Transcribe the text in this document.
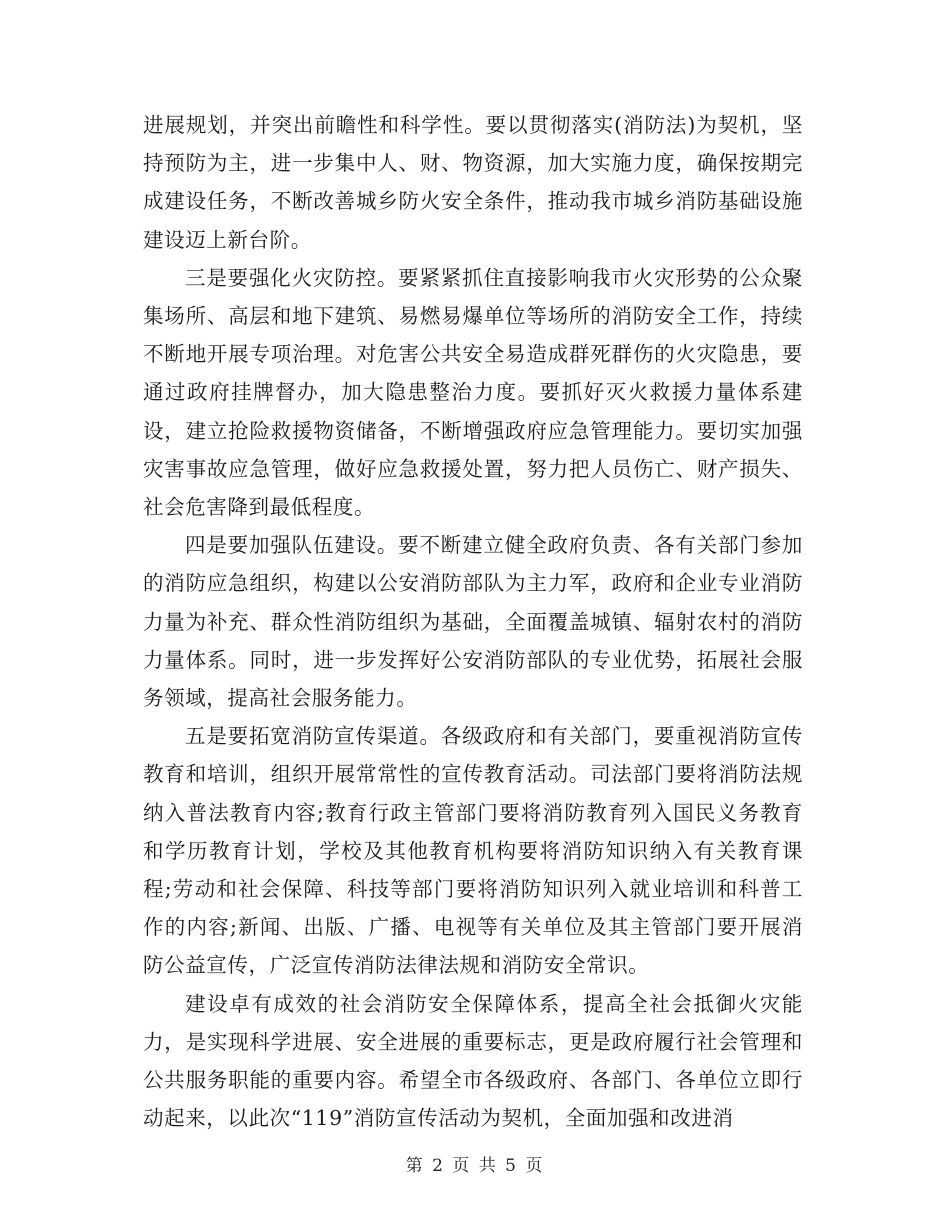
进展规划，并突出前瞻性和科学性。要以贯彻落实(消防法)为契机，坚持预防为主，进一步集中人、财、物资源，加大实施力度，确保按期完成建设任务，不断改善城乡防火安全条件，推动我市城乡消防基础设施建设迈上新台阶。

三是要强化火灾防控。要紧紧抓住直接影响我市火灾形势的公众聚集场所、高层和地下建筑、易燃易爆单位等场所的消防安全工作，持续不断地开展专项治理。对危害公共安全易造成群死群伤的火灾隐患，要通过政府挂牌督办，加大隐患整治力度。要抓好灭火救援力量体系建设，建立抢险救援物资储备，不断增强政府应急管理能力。要切实加强灾害事故应急管理，做好应急救援处置，努力把人员伤亡、财产损失、社会危害降到最低程度。

四是要加强队伍建设。要不断建立健全政府负责、各有关部门参加的消防应急组织，构建以公安消防部队为主力军，政府和企业专业消防力量为补充、群众性消防组织为基础，全面覆盖城镇、辐射农村的消防力量体系。同时，进一步发挥好公安消防部队的专业优势，拓展社会服务领域，提高社会服务能力。

五是要拓宽消防宣传渠道。各级政府和有关部门，要重视消防宣传教育和培训，组织开展常常性的宣传教育活动。司法部门要将消防法规纳入普法教育内容;教育行政主管部门要将消防教育列入国民义务教育和学历教育计划，学校及其他教育机构要将消防知识纳入有关教育课程;劳动和社会保障、科技等部门要将消防知识列入就业培训和科普工作的内容;新闻、出版、广播、电视等有关单位及其主管部门要开展消防公益宣传，广泛宣传消防法律法规和消防安全常识。

建设卓有成效的社会消防安全保障体系，提高全社会抵御火灾能力，是实现科学进展、安全进展的重要标志，更是政府履行社会管理和公共服务职能的重要内容。希望全市各级政府、各部门、各单位立即行动起来，以此次“119”消防宣传活动为契机，全面加强和改进消

第 2 页 共 5 页
